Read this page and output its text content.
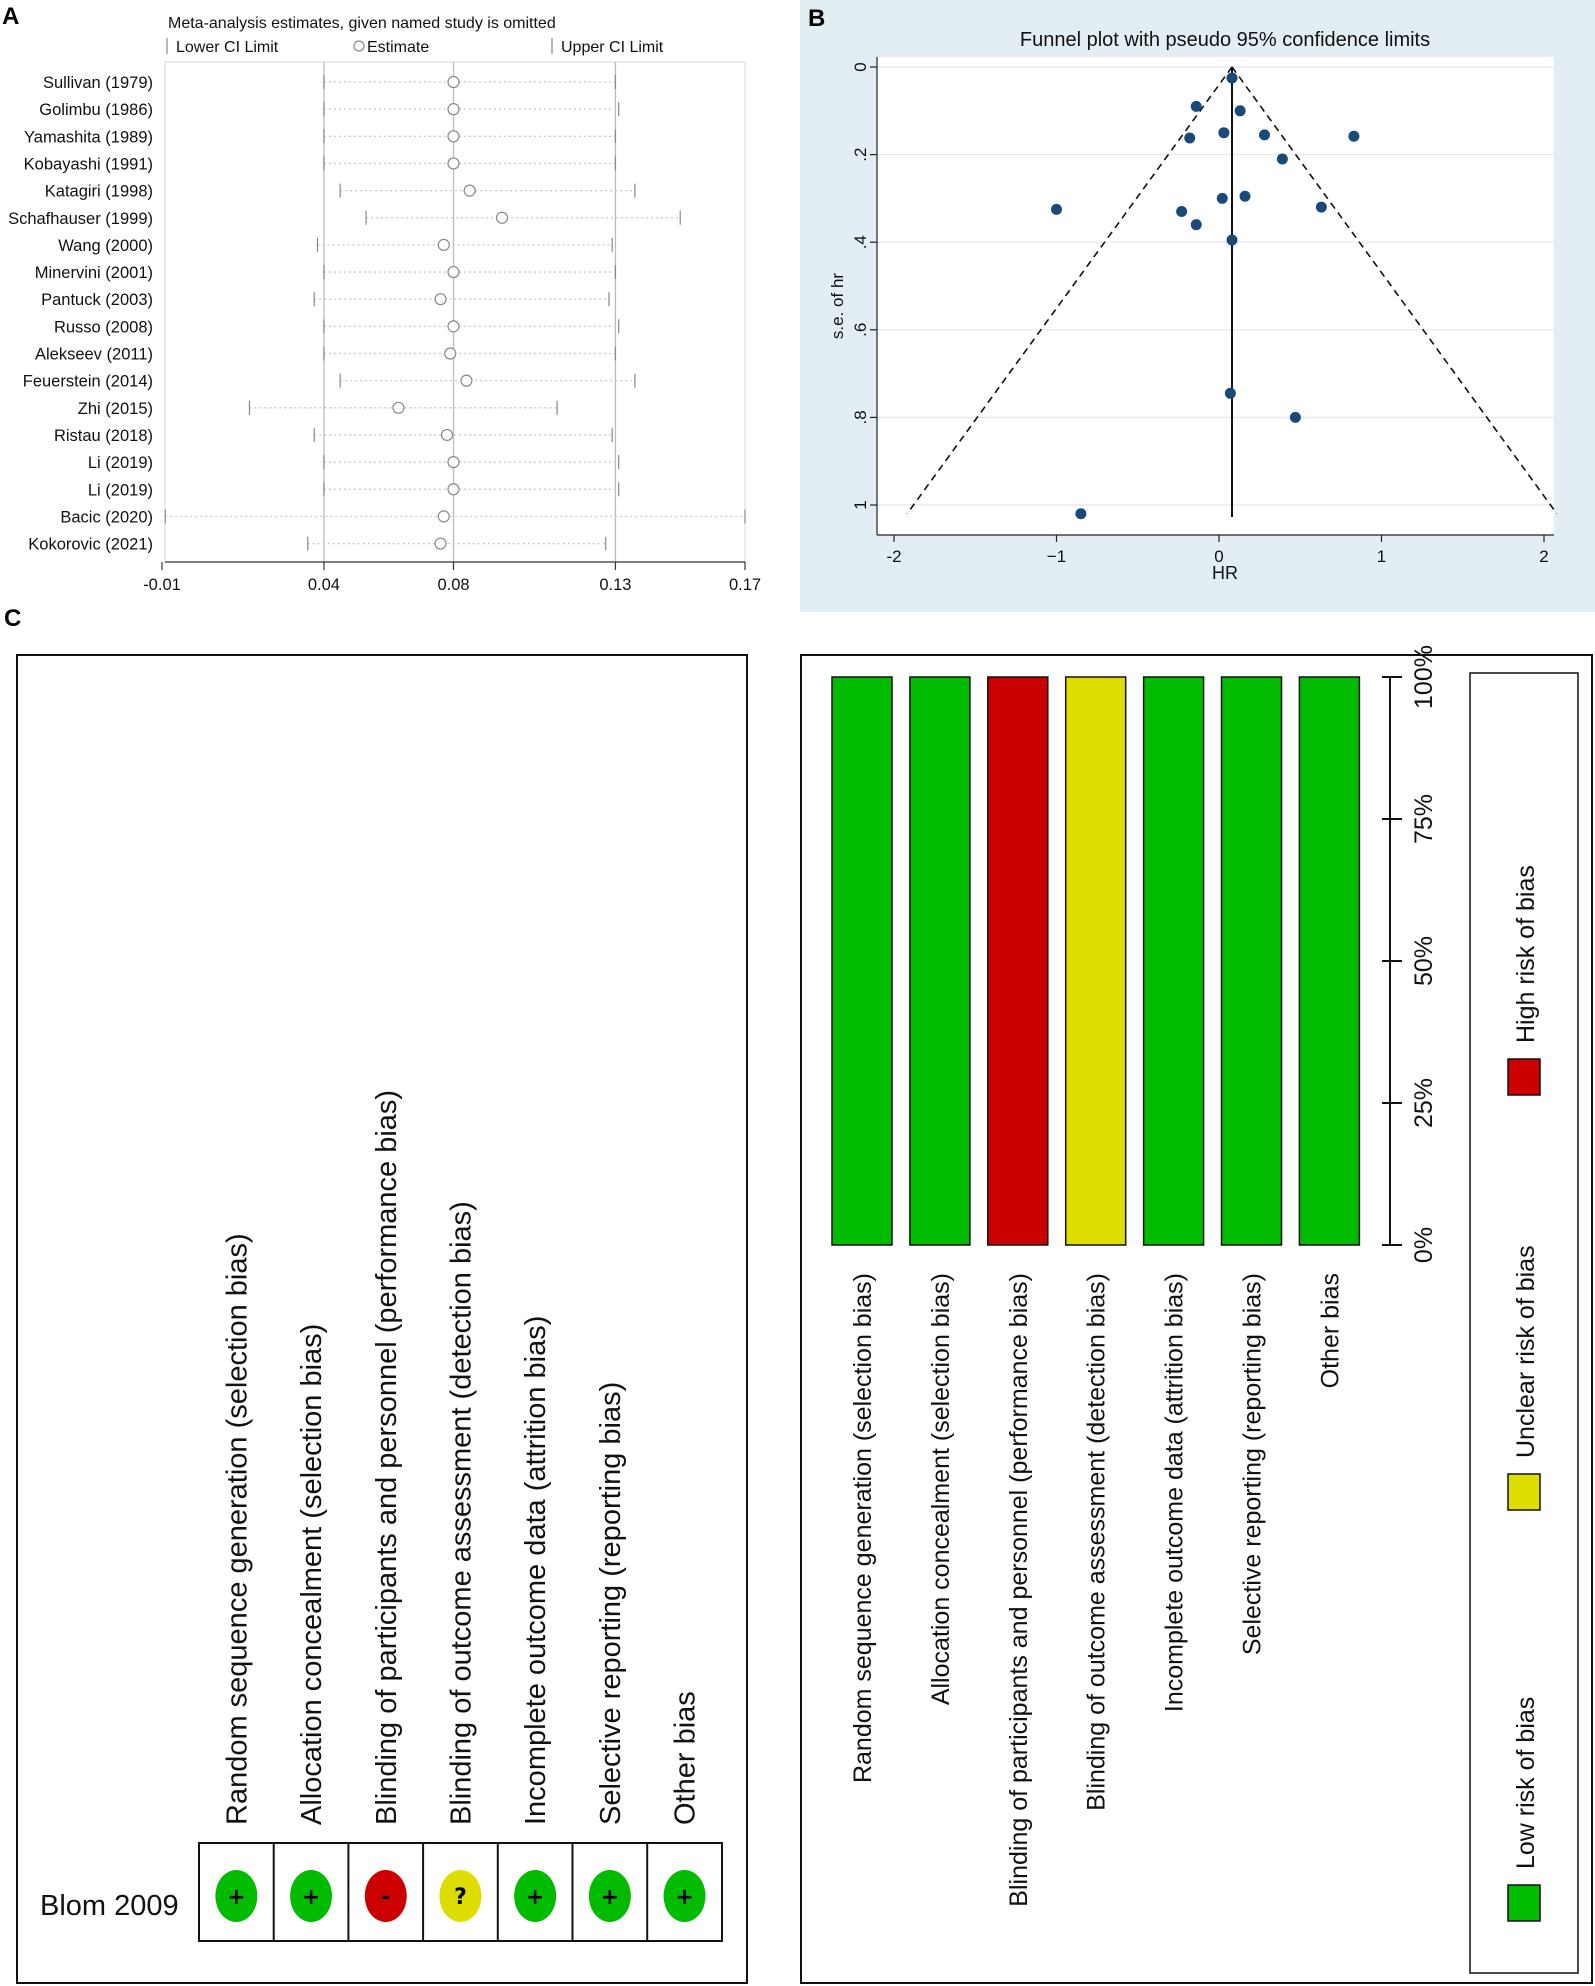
A	Meta-analysis estimates, given named study is omitted
Lower CI Limit	Estimate	Upper CI Limit
Sullivan (1979)
Golimbu (1986)
Yamashita (1989)
Kobayashi (1991)
Katagiri (1998)
Schafhauser (1999)
Wang (2000)
Minervini (2001)
Pantuck (2003)
Russo (2008)
Alekseev (2011)
Feuerstein (2014)
Zhi (2015)
Ristau (2018)
Li (2019)
Li (2019)
Bacic (2020)
Kokorovic (2021)
-0.01	0.04	0.08	0.13	0.17
B
Funnel plot with pseudo 95% confidence limits
-2	−1	0	1	2
0
.2
.4
.6
.8
1
HR
s.e. of hr
C
Random sequence generation (selection bias) Allocation concealment (selection bias) Blinding of participants and personnel (performance bias) Blinding of outcome assessment (detection bias) Incomplete outcome data (attrition bias) Selective reporting (reporting bias) Other bias
Blom 2009 +	+	-	?	+	+	+
0%
25%
50%
75%
100%
Random sequence generation (selection bias) Allocation concealment (selection bias) Blinding of participants and personnel (performance bias) Blinding of outcome assessment (detection bias) Incomplete outcome data (attrition bias) Selective reporting (reporting bias) Other bias
Low risk of bias
Unclear risk of bias
High risk of bias
